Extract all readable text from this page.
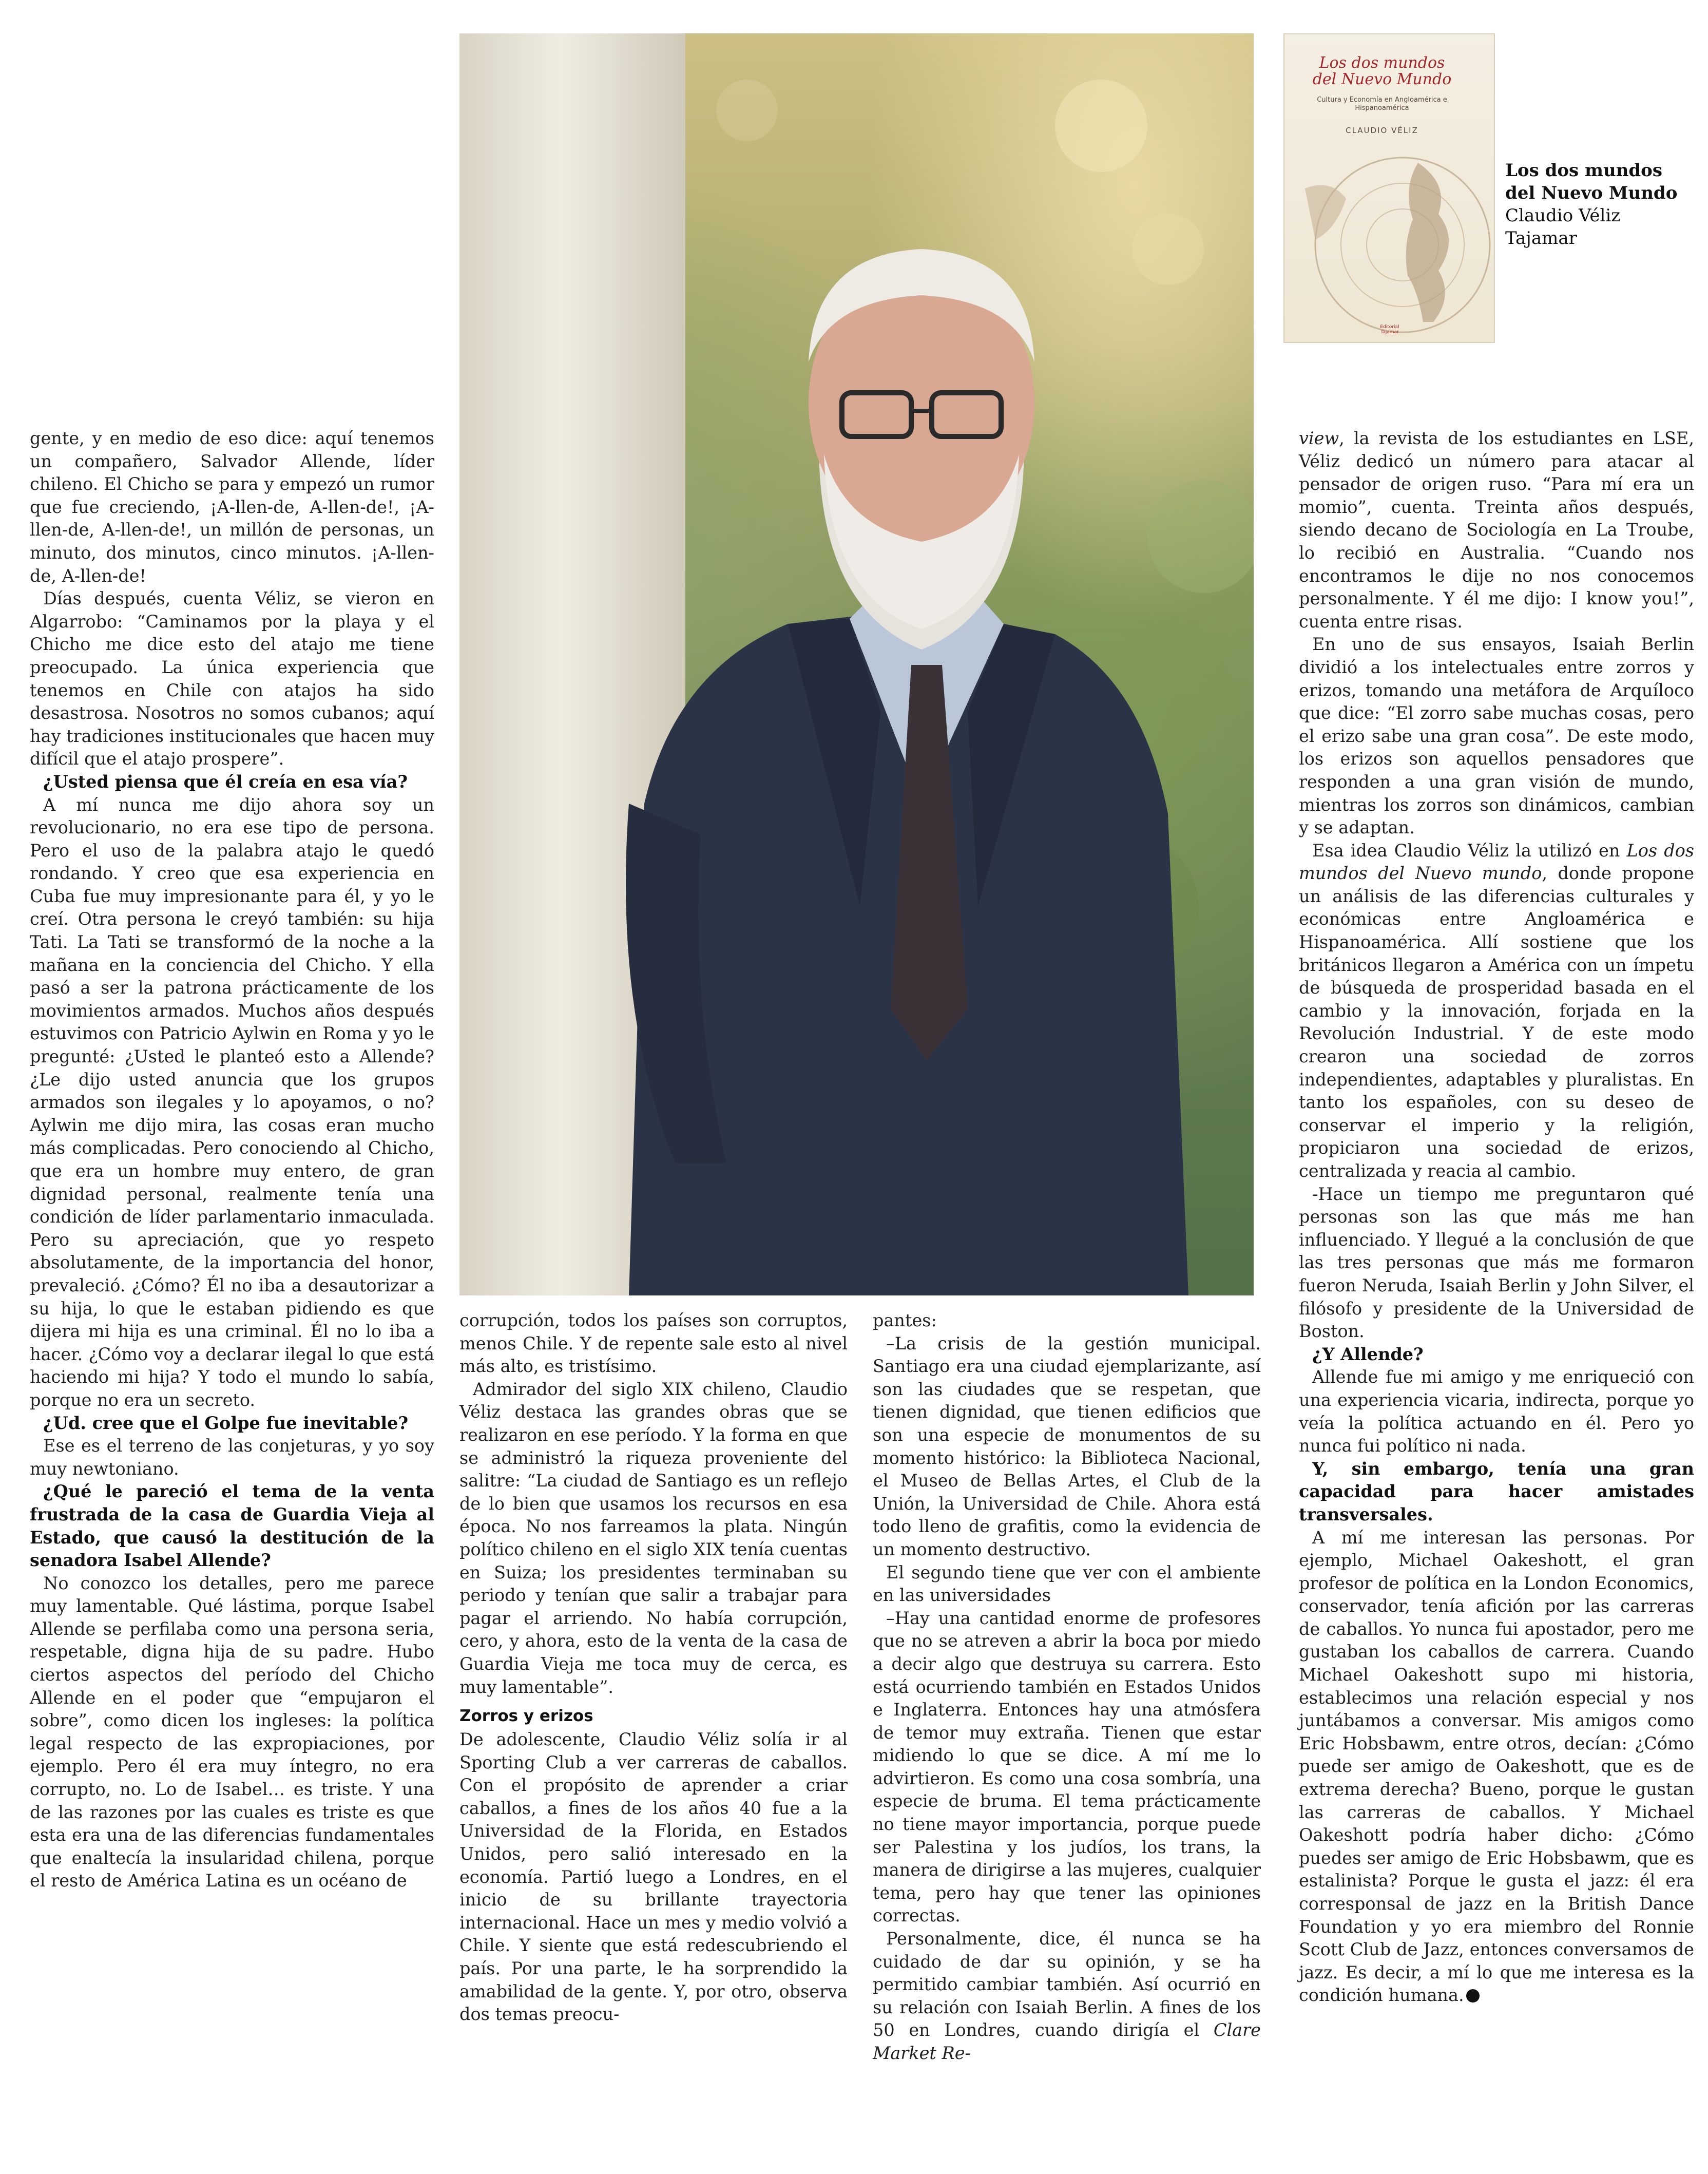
Los dos mundos del Nuevo Mundo
Cultura y Economía en Angloamérica e Hispanoamérica
CLAUDIO VÉLIZ
Editorial Tajamar
Los dos mundos
del Nuevo Mundo
Claudio Véliz
Tajamar

gente, y en medio de eso dice: aquí tenemos un compañero, Salvador Allende, líder chileno. El Chicho se para y empezó un rumor que fue creciendo, ¡A-llen-de, A-llen-de!, ¡A-llen-de, A-llen-de!, un millón de personas, un minuto, dos minutos, cinco minutos. ¡A-llen-de, A-llen-de!

Días después, cuenta Véliz, se vieron en Algarrobo: “Caminamos por la playa y el Chicho me dice esto del atajo me tiene preocupado. La única experiencia que tenemos en Chile con atajos ha sido desastrosa. Nosotros no somos cubanos; aquí hay tradiciones institucionales que hacen muy difícil que el atajo prospere”.

¿Usted piensa que él creía en esa vía?

A mí nunca me dijo ahora soy un revolucionario, no era ese tipo de persona. Pero el uso de la palabra atajo le quedó rondando. Y creo que esa experiencia en Cuba fue muy impresionante para él, y yo le creí. Otra persona le creyó también: su hija Tati. La Tati se transformó de la noche a la mañana en la conciencia del Chicho. Y ella pasó a ser la patrona prácticamente de los movimientos armados. Muchos años después estuvimos con Patricio Aylwin en Roma y yo le pregunté: ¿Usted le planteó esto a Allende? ¿Le dijo usted anuncia que los grupos armados son ilegales y lo apoyamos, o no? Aylwin me dijo mira, las cosas eran mucho más complicadas. Pero conociendo al Chicho, que era un hombre muy entero, de gran dignidad personal, realmente tenía una condición de líder parlamentario inmaculada. Pero su apreciación, que yo respeto absolutamente, de la importancia del honor, prevaleció. ¿Cómo? Él no iba a desautorizar a su hija, lo que le estaban pidiendo es que dijera mi hija es una criminal. Él no lo iba a hacer. ¿Cómo voy a declarar ilegal lo que está haciendo mi hija? Y todo el mundo lo sabía, porque no era un secreto.

¿Ud. cree que el Golpe fue inevitable?

Ese es el terreno de las conjeturas, y yo soy muy newtoniano.

¿Qué le pareció el tema de la venta frustrada de la casa de Guardia Vieja al Estado, que causó la destitución de la senadora Isabel Allende?

No conozco los detalles, pero me parece muy lamentable. Qué lástima, porque Isabel Allende se perfilaba como una persona seria, respetable, digna hija de su padre. Hubo ciertos aspectos del período del Chicho Allende en el poder que “empujaron el sobre”, como dicen los ingleses: la política legal respecto de las expropiaciones, por ejemplo. Pero él era muy íntegro, no era corrupto, no. Lo de Isabel… es triste. Y una de las razones por las cuales es triste es que esta era una de las diferencias fundamentales que enaltecía la insularidad chilena, porque el resto de América Latina es un océano de

corrupción, todos los países son corruptos, menos Chile. Y de repente sale esto al nivel más alto, es tristísimo.

Admirador del siglo XIX chileno, Claudio Véliz destaca las grandes obras que se realizaron en ese período. Y la forma en que se administró la riqueza proveniente del salitre: “La ciudad de Santiago es un reflejo de lo bien que usamos los recursos en esa época. No nos farreamos la plata. Ningún político chileno en el siglo XIX tenía cuentas en Suiza; los presidentes terminaban su periodo y tenían que salir a trabajar para pagar el arriendo. No había corrupción, cero, y ahora, esto de la venta de la casa de Guardia Vieja me toca muy de cerca, es muy lamentable”.

Zorros y erizos

De adolescente, Claudio Véliz solía ir al Sporting Club a ver carreras de caballos. Con el propósito de aprender a criar caballos, a fines de los años 40 fue a la Universidad de la Florida, en Estados Unidos, pero salió interesado en la economía. Partió luego a Londres, en el inicio de su brillante trayectoria internacional. Hace un mes y medio volvió a Chile. Y siente que está redescubriendo el país. Por una parte, le ha sorprendido la amabilidad de la gente. Y, por otro, observa dos temas preocu-

pantes:

–La crisis de la gestión municipal. Santiago era una ciudad ejemplarizante, así son las ciudades que se respetan, que tienen dignidad, que tienen edificios que son una especie de monumentos de su momento histórico: la Biblioteca Nacional, el Museo de Bellas Artes, el Club de la Unión, la Universidad de Chile. Ahora está todo lleno de grafitis, como la evidencia de un momento destructivo.

El segundo tiene que ver con el ambiente en las universidades

–Hay una cantidad enorme de profesores que no se atreven a abrir la boca por miedo a decir algo que destruya su carrera. Esto está ocurriendo también en Estados Unidos e Inglaterra. Entonces hay una atmósfera de temor muy extraña. Tienen que estar midiendo lo que se dice. A mí me lo advirtieron. Es como una cosa sombría, una especie de bruma. El tema prácticamente no tiene mayor importancia, porque puede ser Palestina y los judíos, los trans, la manera de dirigirse a las mujeres, cualquier tema, pero hay que tener las opiniones correctas.

Personalmente, dice, él nunca se ha cuidado de dar su opinión, y se ha permitido cambiar también. Así ocurrió en su relación con Isaiah Berlin. A fines de los 50 en Londres, cuando dirigía el Clare Market Re-

view, la revista de los estudiantes en LSE, Véliz dedicó un número para atacar al pensador de origen ruso. “Para mí era un momio”, cuenta. Treinta años después, siendo decano de Sociología en La Troube, lo recibió en Australia. “Cuando nos encontramos le dije no nos conocemos personalmente. Y él me dijo: I know you!”, cuenta entre risas.

En uno de sus ensayos, Isaiah Berlin dividió a los intelectuales entre zorros y erizos, tomando una metáfora de Arquíloco que dice: “El zorro sabe muchas cosas, pero el erizo sabe una gran cosa”. De este modo, los erizos son aquellos pensadores que responden a una gran visión de mundo, mientras los zorros son dinámicos, cambian y se adaptan.

Esa idea Claudio Véliz la utilizó en Los dos mundos del Nuevo mundo, donde propone un análisis de las diferencias culturales y económicas entre Angloamérica e Hispanoamérica. Allí sostiene que los británicos llegaron a América con un ímpetu de búsqueda de prosperidad basada en el cambio y la innovación, forjada en la Revolución Industrial. Y de este modo crearon una sociedad de zorros independientes, adaptables y pluralistas. En tanto los españoles, con su deseo de conservar el imperio y la religión, propiciaron una sociedad de erizos, centralizada y reacia al cambio.

-Hace un tiempo me preguntaron qué personas son las que más me han influenciado. Y llegué a la conclusión de que las tres personas que más me formaron fueron Neruda, Isaiah Berlin y John Silver, el filósofo y presidente de la Universidad de Boston.

¿Y Allende?

Allende fue mi amigo y me enriqueció con una experiencia vicaria, indirecta, porque yo veía la política actuando en él. Pero yo nunca fui político ni nada.

Y, sin embargo, tenía una gran capacidad para hacer amistades transversales.

A mí me interesan las personas. Por ejemplo, Michael Oakeshott, el gran profesor de política en la London Economics, conservador, tenía afición por las carreras de caballos. Yo nunca fui apostador, pero me gustaban los caballos de carrera. Cuando Michael Oakeshott supo mi historia, establecimos una relación especial y nos juntábamos a conversar. Mis amigos como Eric Hobsbawm, entre otros, decían: ¿Cómo puede ser amigo de Oakeshott, que es de extrema derecha? Bueno, porque le gustan las carreras de caballos. Y Michael Oakeshott podría haber dicho: ¿Cómo puedes ser amigo de Eric Hobsbawm, que es estalinista? Porque le gusta el jazz: él era corresponsal de jazz en la British Dance Foundation y yo era miembro del Ronnie Scott Club de Jazz, entonces conversamos de jazz. Es decir, a mí lo que me interesa es la condición humana.
